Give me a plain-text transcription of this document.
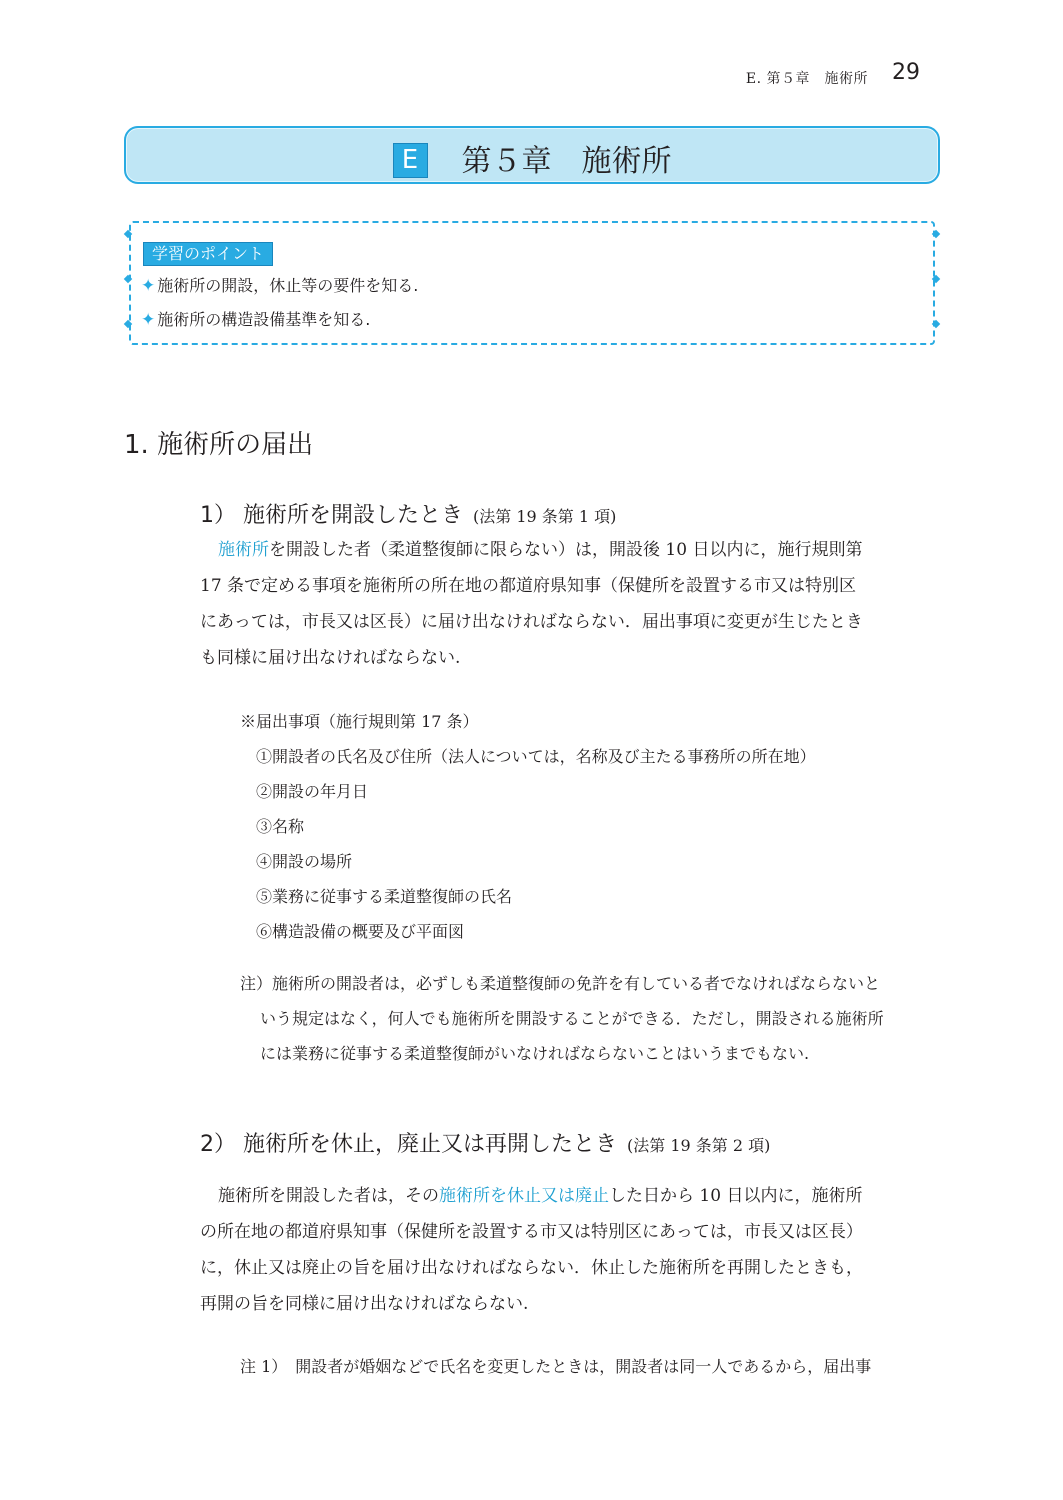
E. 第５章　施術所 29
E 第５章　施術所
学習のポイント
✦ 施術所の開設，休止等の要件を知る.
✦ 施術所の構造設備基準を知る.
1. 施術所の届出
1） 施術所を開設したとき (法第 19 条第 1 項)
施術所を開設した者（柔道整復師に限らない）は，開設後 10 日以内に，施行規則第
17 条で定める事項を施術所の所在地の都道府県知事（保健所を設置する市又は特別区
にあっては，市長又は区長）に届け出なければならない．届出事項に変更が生じたとき
も同様に届け出なければならない.
※届出事項（施行規則第 17 条）
①開設者の氏名及び住所（法人については，名称及び主たる事務所の所在地）
②開設の年月日
③名称
④開設の場所
⑤業務に従事する柔道整復師の氏名
⑥構造設備の概要及び平面図
注）施術所の開設者は，必ずしも柔道整復師の免許を有している者でなければならないと
いう規定はなく，何人でも施術所を開設することができる．ただし，開設される施術所
には業務に従事する柔道整復師がいなければならないことはいうまでもない.
2） 施術所を休止，廃止又は再開したとき (法第 19 条第 2 項)
施術所を開設した者は，その施術所を休止又は廃止した日から 10 日以内に，施術所
の所在地の都道府県知事（保健所を設置する市又は特別区にあっては，市長又は区長）
に，休止又は廃止の旨を届け出なければならない．休止した施術所を再開したときも，
再開の旨を同様に届け出なければならない.
注 1）　開設者が婚姻などで氏名を変更したときは，開設者は同一人であるから，届出事
